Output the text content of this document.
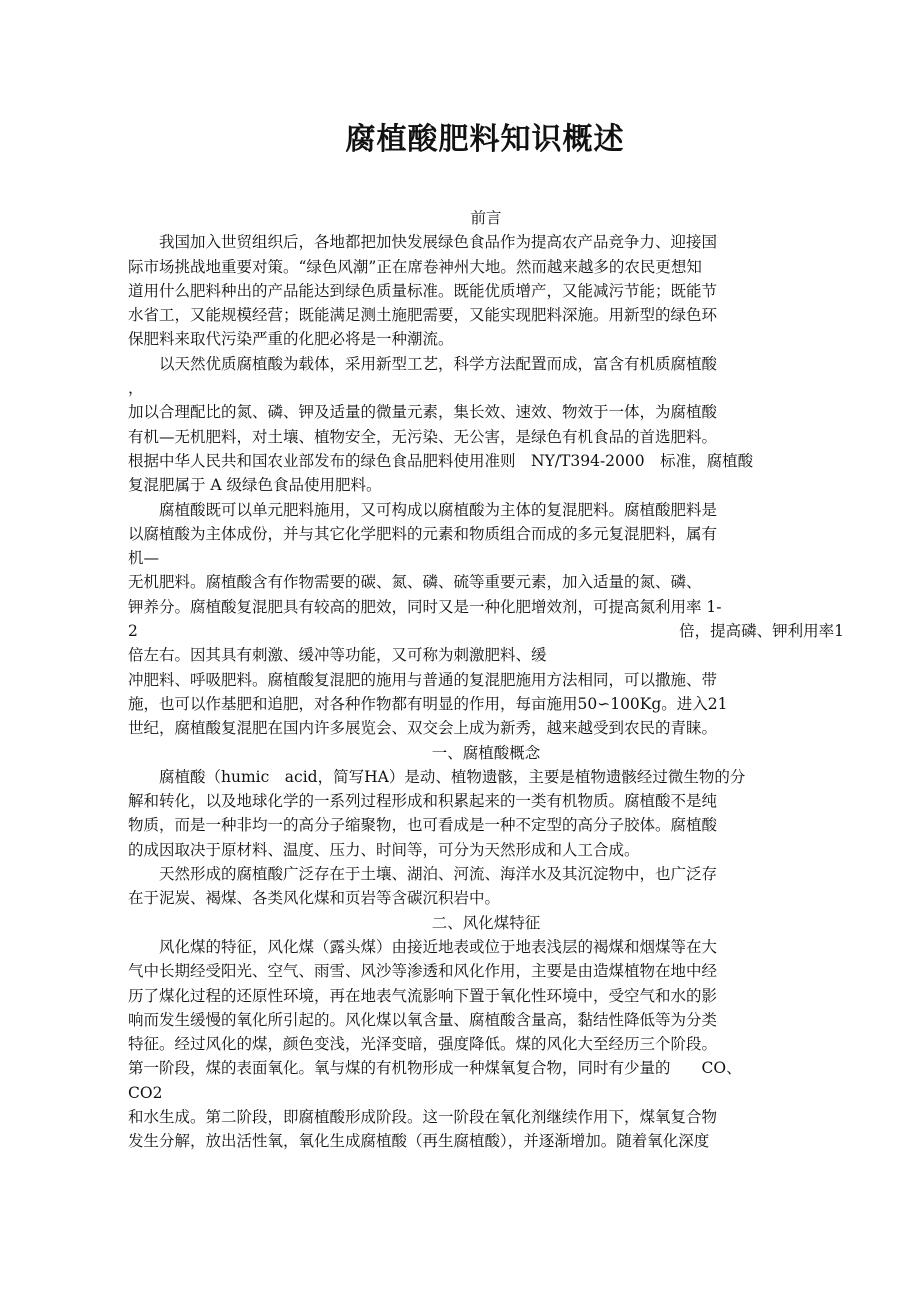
腐植酸肥料知识概述
前言
　　我国加入世贸组织后，各地都把加快发展绿色食品作为提高农产品竞争力、迎接国
际市场挑战地重要对策。“绿色风潮”正在席卷神州大地。然而越来越多的农民更想知
道用什么肥料种出的产品能达到绿色质量标准。既能优质增产，又能减污节能；既能节
水省工，又能规模经营；既能满足测土施肥需要，又能实现肥料深施。用新型的绿色环
保肥料来取代污染严重的化肥必将是一种潮流。
　　以天然优质腐植酸为载体，采用新型工艺，科学方法配置而成，富含有机质腐植酸
，
加以合理配比的氮、磷、钾及适量的微量元素，集长效、速效、物效于一体，为腐植酸
有机—无机肥料，对土壤、植物安全，无污染、无公害，是绿色有机食品的首选肥料。
根据中华人民共和国农业部发布的绿色食品肥料使用准则　NY/T394-2000　标准，腐植酸
复混肥属于 A 级绿色食品使用肥料。
　　腐植酸既可以单元肥料施用，又可构成以腐植酸为主体的复混肥料。腐植酸肥料是
以腐植酸为主体成份，并与其它化学肥料的元素和物质组合而成的多元复混肥料，属有
机—
无机肥料。腐植酸含有作物需要的碳、氮、磷、硫等重要元素，加入适量的氮、磷、
钾养分。腐植酸复混肥具有较高的肥效，同时又是一种化肥增效剂，可提高氮利用率 1-
2	倍，提高磷、钾利用率1
倍左右。因其具有刺激、缓冲等功能，又可称为刺激肥料、缓
冲肥料、呼吸肥料。腐植酸复混肥的施用与普通的复混肥施用方法相同，可以撒施、带
施，也可以作基肥和追肥，对各种作物都有明显的作用，每亩施用50∽100Kg。进入21
世纪，腐植酸复混肥在国内许多展览会、双交会上成为新秀，越来越受到农民的青睐。
一、腐植酸概念
　　腐植酸（humic　acid，简写HA）是动、植物遗骸，主要是植物遗骸经过微生物的分
解和转化，以及地球化学的一系列过程形成和积累起来的一类有机物质。腐植酸不是纯
物质，而是一种非均一的高分子缩聚物，也可看成是一种不定型的高分子胶体。腐植酸
的成因取决于原材料、温度、压力、时间等，可分为天然形成和人工合成。
　　天然形成的腐植酸广泛存在于土壤、湖泊、河流、海洋水及其沉淀物中，也广泛存
在于泥炭、褐煤、各类风化煤和页岩等含碳沉积岩中。
二、风化煤特征
　　风化煤的特征，风化煤（露头煤）由接近地表或位于地表浅层的褐煤和烟煤等在大
气中长期经受阳光、空气、雨雪、风沙等渗透和风化作用，主要是由造煤植物在地中经
历了煤化过程的还原性环境，再在地表气流影响下置于氧化性环境中，受空气和水的影
响而发生缓慢的氧化所引起的。风化煤以氧含量、腐植酸含量高，黏结性降低等为分类
特征。经过风化的煤，颜色变浅，光泽变暗，强度降低。煤的风化大至经历三个阶段。
第一阶段，煤的表面氧化。氧与煤的有机物形成一种煤氧复合物，同时有少量的　　CO、
CO2
和水生成。第二阶段，即腐植酸形成阶段。这一阶段在氧化剂继续作用下，煤氧复合物
发生分解，放出活性氧，氧化生成腐植酸（再生腐植酸），并逐渐增加。随着氧化深度
